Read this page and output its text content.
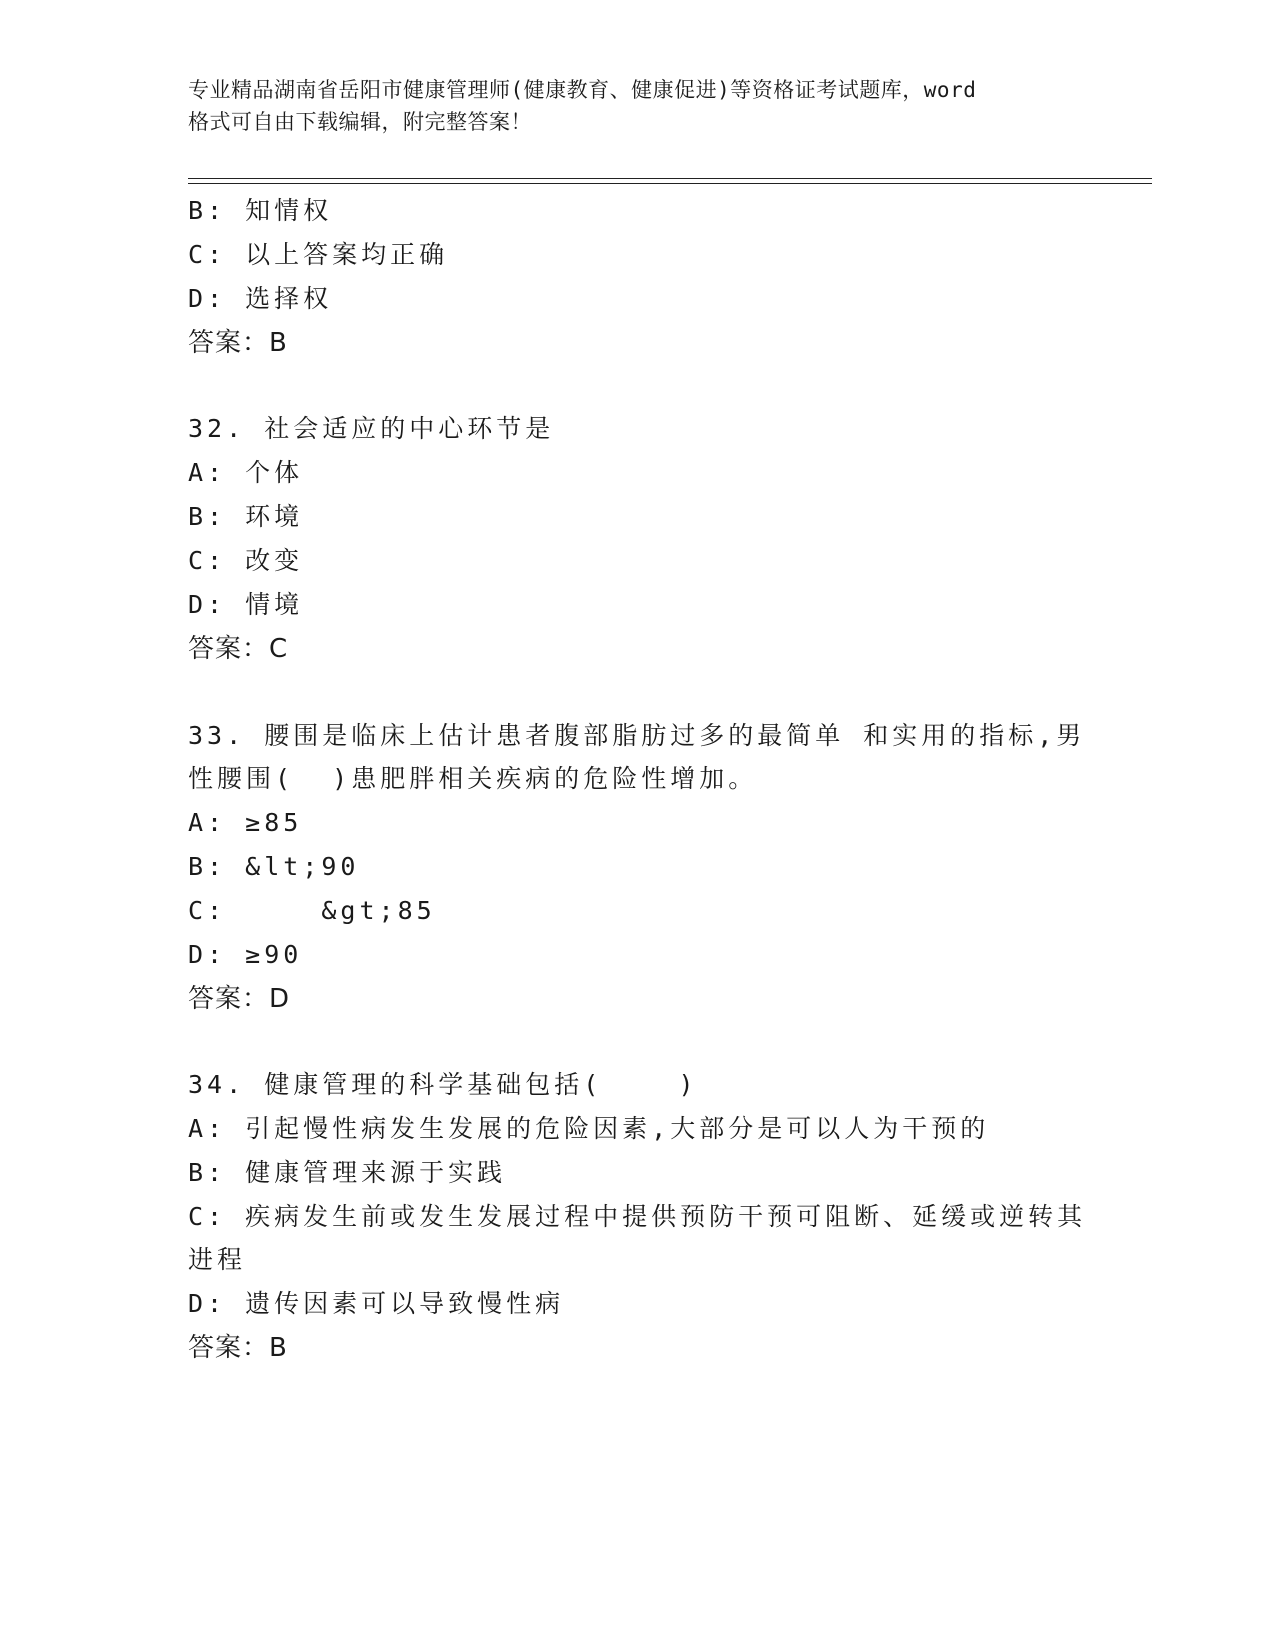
专业精品湖南省岳阳市健康管理师(健康教育、健康促进)等资格证考试题库，word
格式可自由下载编辑，附完整答案！
B: 知情权
C: 以上答案均正确
D: 选择权
答案：B
32. 社会适应的中心环节是
A: 个体
B: 环境
C: 改变
D: 情境
答案：C
33. 腰围是临床上估计患者腹部脂肪过多的最简单 和实用的指标,男
性腰围(  )患肥胖相关疾病的危险性增加。
A: ≥85
B: &lt;90
C:     &gt;85
D: ≥90
答案：D
34. 健康管理的科学基础包括(    )
A: 引起慢性病发生发展的危险因素,大部分是可以人为干预的
B: 健康管理来源于实践
C: 疾病发生前或发生发展过程中提供预防干预可阻断、延缓或逆转其
进程
D: 遗传因素可以导致慢性病
答案：B
